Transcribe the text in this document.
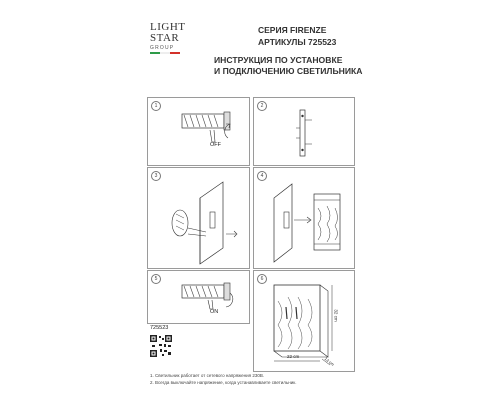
LIGHT
STAR
GROUP
СЕРИЯ FIRENZE
АРТИКУЛЫ 725523
ИНСТРУКЦИЯ ПО УСТАНОВКЕ
И ПОДКЛЮЧЕНИЮ СВЕТИЛЬНИКА
1
OFF
2
3	4
5
ON
6
22 cm
32 cm
13 cm
725523
1. Светильник работает от сетевого напряжения 230В.
2. Всегда выключайте напряжение, когда устанавливаете светильник.
